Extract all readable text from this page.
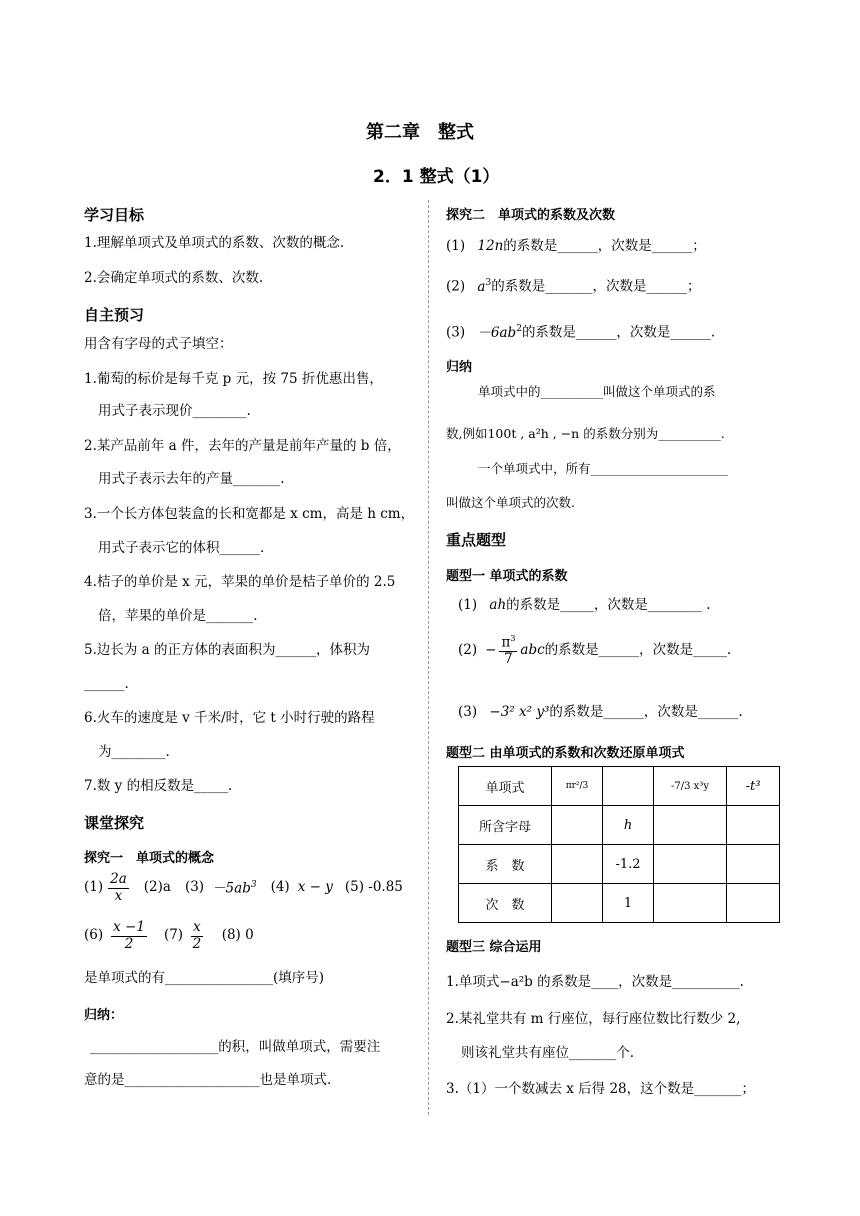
第二章　整式
2．1 整式（1）
学习目标
1.理解单项式及单项式的系数、次数的概念.
2.会确定单项式的系数、次数.
自主预习
用含有字母的式子填空：
1.葡萄的标价是每千克 p 元，按 75 折优惠出售，
用式子表示现价________.
2.某产品前年 a 件，去年的产量是前年产量的 b 倍，
用式子表示去年的产量_______.
3.一个长方体包装盒的长和宽都是 x cm，高是 h cm，
用式子表示它的体积______.
4.桔子的单价是 x 元，苹果的单价是桔子单价的 2.5
倍，苹果的单价是_______.
5.边长为 a 的正方体的表面积为______，体积为
______.
6.火车的速度是 v 千米/时，它 t 小时行驶的路程
为________.
7.数 y 的相反数是_____.
课堂探究
探究一　单项式的概念
$(1) \frac{2a}{x} (2)a$ $(3) -5ab^3$ (4) x − y (5) -0.85
$(6) \frac{x -1}{2} (7) \frac{x}{2} (8)$ 0
是单项式的有________________(填序号)
归纳：
___________________的积，叫做单项式，需要注
意的是____________________也是单项式.
探究二　单项式的系数及次数
(1) 12n的系数是______，次数是______；
(2) $a^3$的系数是_______，次数是______；
$(3) -6ab^2$的系数是______，次数是______.
归纳
单项式中的__________叫做这个单项式的系
数,例如100t , a²h , −n 的系数分别为__________.
一个单项式中，所有______________________
叫做这个单项式的次数.
重点题型
题型一 单项式的系数
(1) ah的系数是_____，次数是________ .
$(2) - \frac{\pi^3}{7}$ abc 的系数是______，次数是_____.
(3) −3² x² y³的系数是______，次数是______.
题型二 由单项式的系数和次数还原单项式
单项式	πr²/3		-7/3 x³y	-t³
所含字母		h		
系　数		-1.2		
次　数		1		
题型三 综合运用
1.单项式−a²b 的系数是____，次数是__________.
2.某礼堂共有 m 行座位，每行座位数比行数少 2,
则该礼堂共有座位_______个.
3.（1）一个数减去 x 后得 28，这个数是_______；
